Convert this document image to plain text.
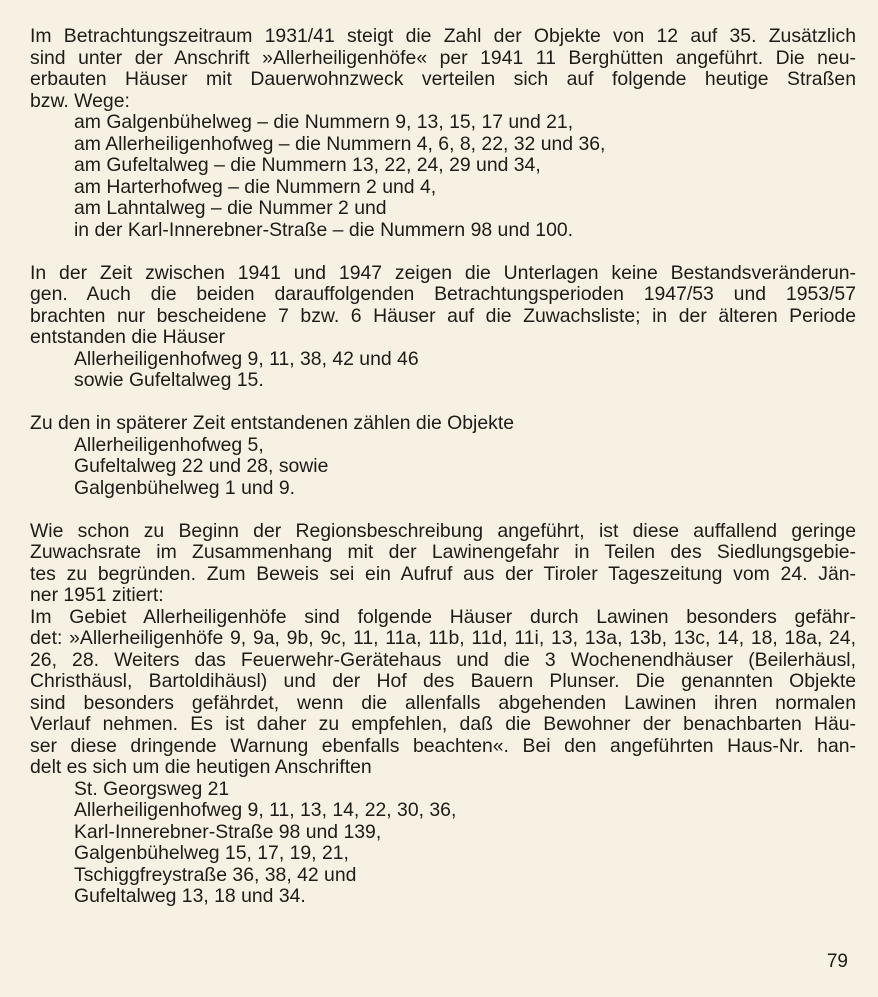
Im Betrachtungszeitraum 1931/41 steigt die Zahl der Objekte von 12 auf 35. Zusätzlich
sind unter der Anschrift »Allerheiligenhöfe« per 1941 11 Berghütten angeführt. Die neu-
erbauten Häuser mit Dauerwohnzweck verteilen sich auf folgende heutige Straßen
bzw. Wege:
am Galgenbühelweg – die Nummern 9, 13, 15, 17 und 21,
am Allerheiligenhofweg – die Nummern 4, 6, 8, 22, 32 und 36,
am Gufeltalweg – die Nummern 13, 22, 24, 29 und 34,
am Harterhofweg – die Nummern 2 und 4,
am Lahntalweg – die Nummer 2 und
in der Karl-Innerebner-Straße – die Nummern 98 und 100.

In der Zeit zwischen 1941 und 1947 zeigen die Unterlagen keine Bestandsveränderun-
gen. Auch die beiden darauffolgenden Betrachtungsperioden 1947/53 und 1953/57
brachten nur bescheidene 7 bzw. 6 Häuser auf die Zuwachsliste; in der älteren Periode
entstanden die Häuser
Allerheiligenhofweg 9, 11, 38, 42 und 46
sowie Gufeltalweg 15.

Zu den in späterer Zeit entstandenen zählen die Objekte
Allerheiligenhofweg 5,
Gufeltalweg 22 und 28, sowie
Galgenbühelweg 1 und 9.

Wie schon zu Beginn der Regionsbeschreibung angeführt, ist diese auffallend geringe
Zuwachsrate im Zusammenhang mit der Lawinengefahr in Teilen des Siedlungsgebie-
tes zu begründen. Zum Beweis sei ein Aufruf aus der Tiroler Tageszeitung vom 24. Jän-
ner 1951 zitiert:
Im Gebiet Allerheiligenhöfe sind folgende Häuser durch Lawinen besonders gefähr-
det: »Allerheiligenhöfe 9, 9a, 9b, 9c, 11, 11a, 11b, 11d, 11i, 13, 13a, 13b, 13c, 14, 18, 18a, 24,
26, 28. Weiters das Feuerwehr-Gerätehaus und die 3 Wochenendhäuser (Beilerhäusl,
Christhäusl, Bartoldihäusl) und der Hof des Bauern Plunser. Die genannten Objekte
sind besonders gefährdet, wenn die allenfalls abgehenden Lawinen ihren normalen
Verlauf nehmen. Es ist daher zu empfehlen, daß die Bewohner der benachbarten Häu-
ser diese dringende Warnung ebenfalls beachten«. Bei den angeführten Haus-Nr. han-
delt es sich um die heutigen Anschriften
St. Georgsweg 21
Allerheiligenhofweg 9, 11, 13, 14, 22, 30, 36,
Karl-Innerebner-Straße 98 und 139,
Galgenbühelweg 15, 17, 19, 21,
Tschiggfreystraße 36, 38, 42 und
Gufeltalweg 13, 18 und 34.

79
